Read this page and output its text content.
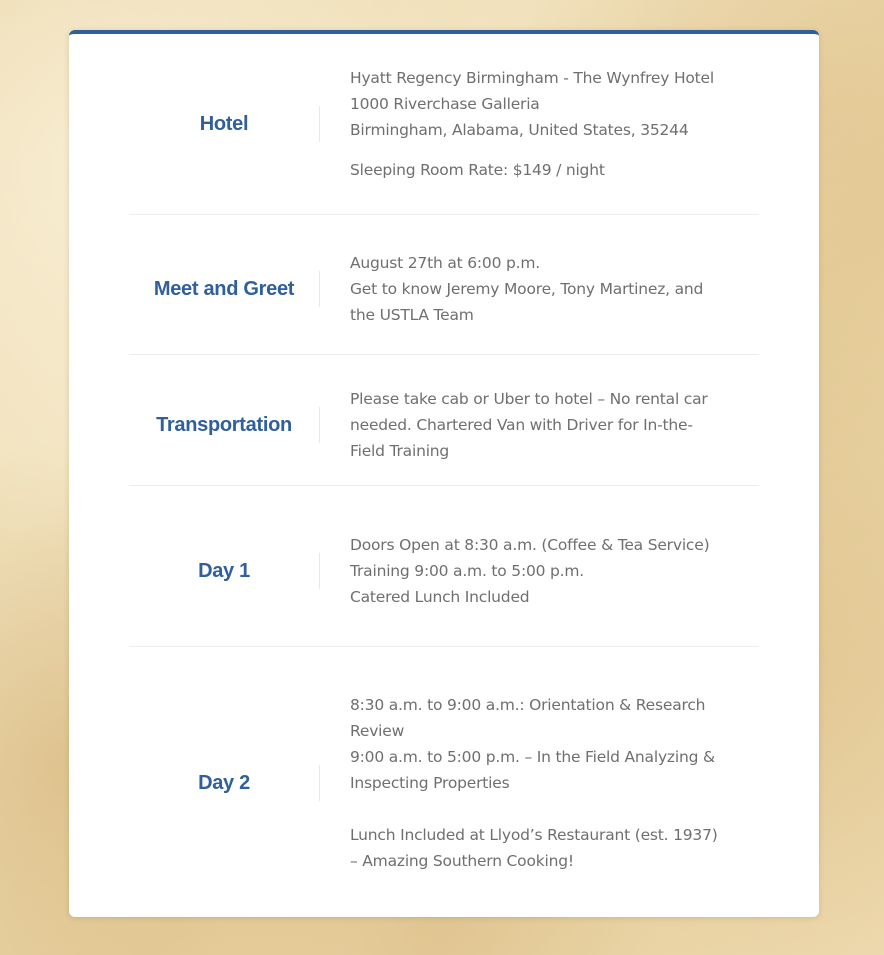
Hotel
Hyatt Regency Birmingham - The Wynfrey Hotel
1000 Riverchase Galleria
Birmingham, Alabama, United States, 35244
Sleeping Room Rate: $149 / night
Meet and Greet
August 27th at 6:00 p.m.
Get to know Jeremy Moore, Tony Martinez, and
the USTLA Team
Transportation
Please take cab or Uber to hotel – No rental car
needed. Chartered Van with Driver for In-the-
Field Training
Day 1
Doors Open at 8:30 a.m. (Coffee & Tea Service)
Training 9:00 a.m. to 5:00 p.m.
Catered Lunch Included
Day 2
8:30 a.m. to 9:00 a.m.: Orientation & Research
Review
9:00 a.m. to 5:00 p.m. – In the Field Analyzing &
Inspecting Properties
Lunch Included at Llyod’s Restaurant (est. 1937)
– Amazing Southern Cooking!
